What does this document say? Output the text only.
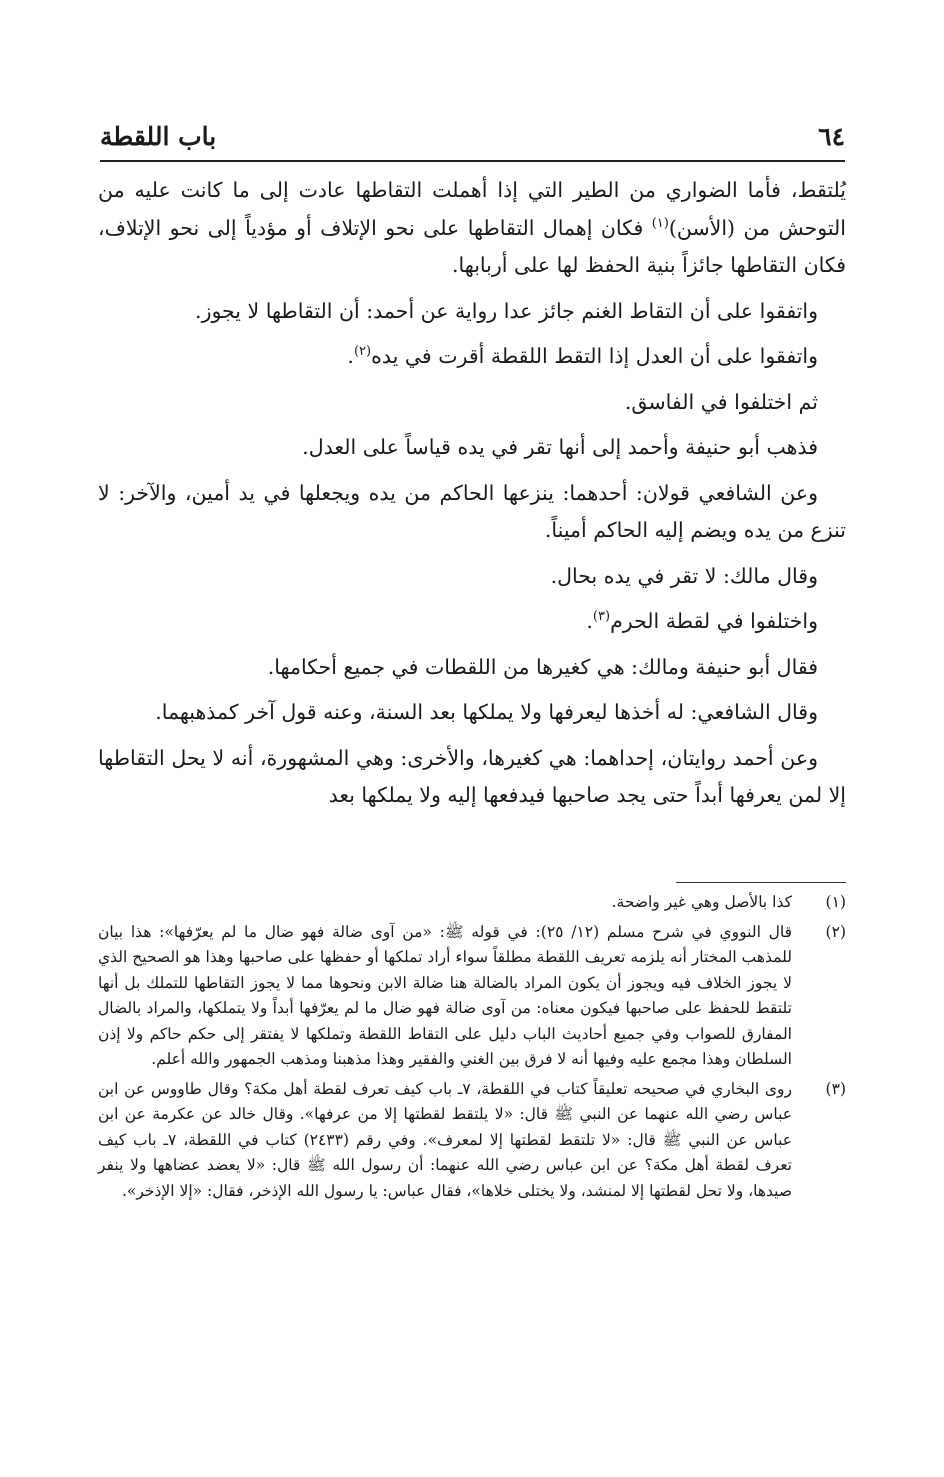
٦٤
باب اللقطة

يُلتقط، فأما الضواري من الطير التي إذا أهملت التقاطها عادت إلى ما كانت عليه من التوحش من (الأسن)$^{(١)}$ فكان إهمال التقاطها على نحو الإتلاف أو مؤدياً إلى نحو الإتلاف، فكان التقاطها جائزاً بنية الحفظ لها على أربابها.

واتفقوا على أن التقاط الغنم جائز عدا رواية عن أحمد: أن التقاطها لا يجوز.

واتفقوا على أن العدل إذا التقط اللقطة أقرت في يده$^{(٢)}$.

ثم اختلفوا في الفاسق.

فذهب أبو حنيفة وأحمد إلى أنها تقر في يده قياساً على العدل.

وعن الشافعي قولان: أحدهما: ينزعها الحاكم من يده ويجعلها في يد أمين، والآخر: لا تنزع من يده ويضم إليه الحاكم أميناً.

وقال مالك: لا تقر في يده بحال.

واختلفوا في لقطة الحرم$^{(٣)}$.

فقال أبو حنيفة ومالك: هي كغيرها من اللقطات في جميع أحكامها.

وقال الشافعي: له أخذها ليعرفها ولا يملكها بعد السنة، وعنه قول آخر كمذهبهما.

وعن أحمد روايتان، إحداهما: هي كغيرها، والأخرى: وهي المشهورة، أنه لا يحل التقاطها إلا لمن يعرفها أبداً حتى يجد صاحبها فيدفعها إليه ولا يملكها بعد

(١)
كذا بالأصل وهي غير واضحة.
(٢)
قال النووي في شرح مسلم (١٢/ ٢٥): في قوله ﷺ: «من آوى ضالة فهو ضال ما لم يعرّفها»: هذا بيان للمذهب المختار أنه يلزمه تعريف اللقطة مطلقاً سواء أراد تملكها أو حفظها على صاحبها وهذا هو الصحيح الذي لا يجوز الخلاف فيه ويجوز أن يكون المراد بالضالة هنا ضالة الابن ونحوها مما لا يجوز التقاطها للتملك بل أنها تلتقط للحفظ على صاحبها فيكون معناه: من آوى ضالة فهو ضال ما لم يعرّفها أبداً ولا يتملكها، والمراد بالضال المفارق للصواب وفي جميع أحاديث الباب دليل على التقاط اللقطة وتملكها لا يفتقر إلى حكم حاكم ولا إذن السلطان وهذا مجمع عليه وفيها أنه لا فرق بين الغني والفقير وهذا مذهبنا ومذهب الجمهور والله أعلم.
(٣)
روى البخاري في صحيحه تعليقاً كتاب في اللقطة، ٧ـ باب كيف تعرف لقطة أهل مكة؟ وقال طاووس عن ابن عباس رضي الله عنهما عن النبي ﷺ قال: «لا يلتقط لقطتها إلا من عرفها». وقال خالد عن عكرمة عن ابن عباس عن النبي ﷺ قال: «لا تلتقط لقطتها إلا لمعرف». وفي رقم (٢٤٣٣) كتاب في اللقطة، ٧ـ باب كيف تعرف لقطة أهل مكة؟ عن ابن عباس رضي الله عنهما: أن رسول الله ﷺ قال: «لا يعضد عضاهها ولا ينفر صيدها، ولا تحل لقطتها إلا لمنشد، ولا يختلى خلاها»، فقال عباس: يا رسول الله الإذخر، فقال: «إلا الإذخر».
